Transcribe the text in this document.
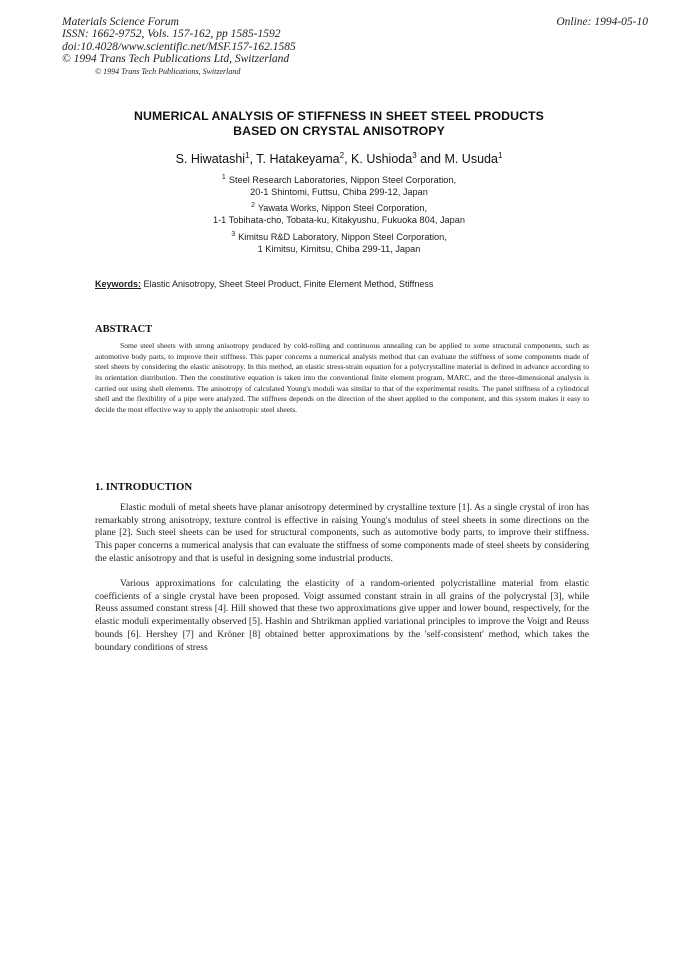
Materials Science Forum
ISSN: 1662-9752, Vols. 157-162, pp 1585-1592
doi:10.4028/www.scientific.net/MSF.157-162.1585
© 1994 Trans Tech Publications Ltd, Switzerland
Online: 1994-05-10
© 1994 Trans Tech Publications, Switzerland
NUMERICAL ANALYSIS OF STIFFNESS IN SHEET STEEL PRODUCTS
BASED ON CRYSTAL ANISOTROPY
S. Hiwatashi$^1$, T. Hatakeyama$^2$, K. Ushioda$^3$ and M. Usuda$^1$
$^1$ Steel Research Laboratories, Nippon Steel Corporation,
20-1 Shintomi, Futtsu, Chiba 299-12, Japan
$^2$ Yawata Works, Nippon Steel Corporation,
1-1 Tobihata-cho, Tobata-ku, Kitakyushu, Fukuoka 804, Japan
$^3$ Kimitsu R&D Laboratory, Nippon Steel Corporation,
1 Kimitsu, Kimitsu, Chiba 299-11, Japan
Keywords: Elastic Anisotropy, Sheet Steel Product, Finite Element Method, Stiffness
ABSTRACT

Some steel sheets with strong anisotropy produced by cold-rolling and continuous annealing can be applied to some structural components, such as automotive body parts, to improve their stiffness. This paper concerns a numerical analysis method that can evaluate the stiffness of some components made of steel sheets by considering the elastic anisotropy. In this method, an elastic stress-strain equation for a polycrystalline material is defined in advance according to its orientation distribution. Then the constitutive equation is taken into the conventional finite element program, MARC, and the three-dimensional analysis is carried out using shell elements. The anisotropy of calculated Young's moduli was similar to that of the experimental results. The panel stiffness of a cylindrical shell and the flexibility of a pipe were analyzed. The stiffness depends on the direction of the sheet applied to the component, and this system makes it easy to decide the most effective way to apply the anisotropic steel sheets.

1. INTRODUCTION

Elastic moduli of metal sheets have planar anisotropy determined by crystalline texture [1]. As a single crystal of iron has remarkably strong anisotropy, texture control is effective in raising Young's modulus of steel sheets in some directions on the plane [2]. Such steel sheets can be used for structural components, such as automotive body parts, to improve their stiffness. This paper concerns a numerical analysis that can evaluate the stiffness of some components made of steel sheets by considering the elastic anisotropy and that is useful in designing some industrial products.

Various approximations for calculating the elasticity of a random-oriented polycristalline material from elastic coefficients of a single crystal have been proposed. Voigt assumed constant strain in all grains of the polycrystal [3], while Reuss assumed constant stress [4]. Hill showed that these two approximations give upper and lower bound, respectively, for the elastic moduli experimentally observed [5]. Hashin and Shtrikman applied variational principles to improve the Voigt and Reuss bounds [6]. Hershey [7] and Kröner [8] obtained better approximations by the 'self-consistent' method, which takes the boundary conditions of stress
